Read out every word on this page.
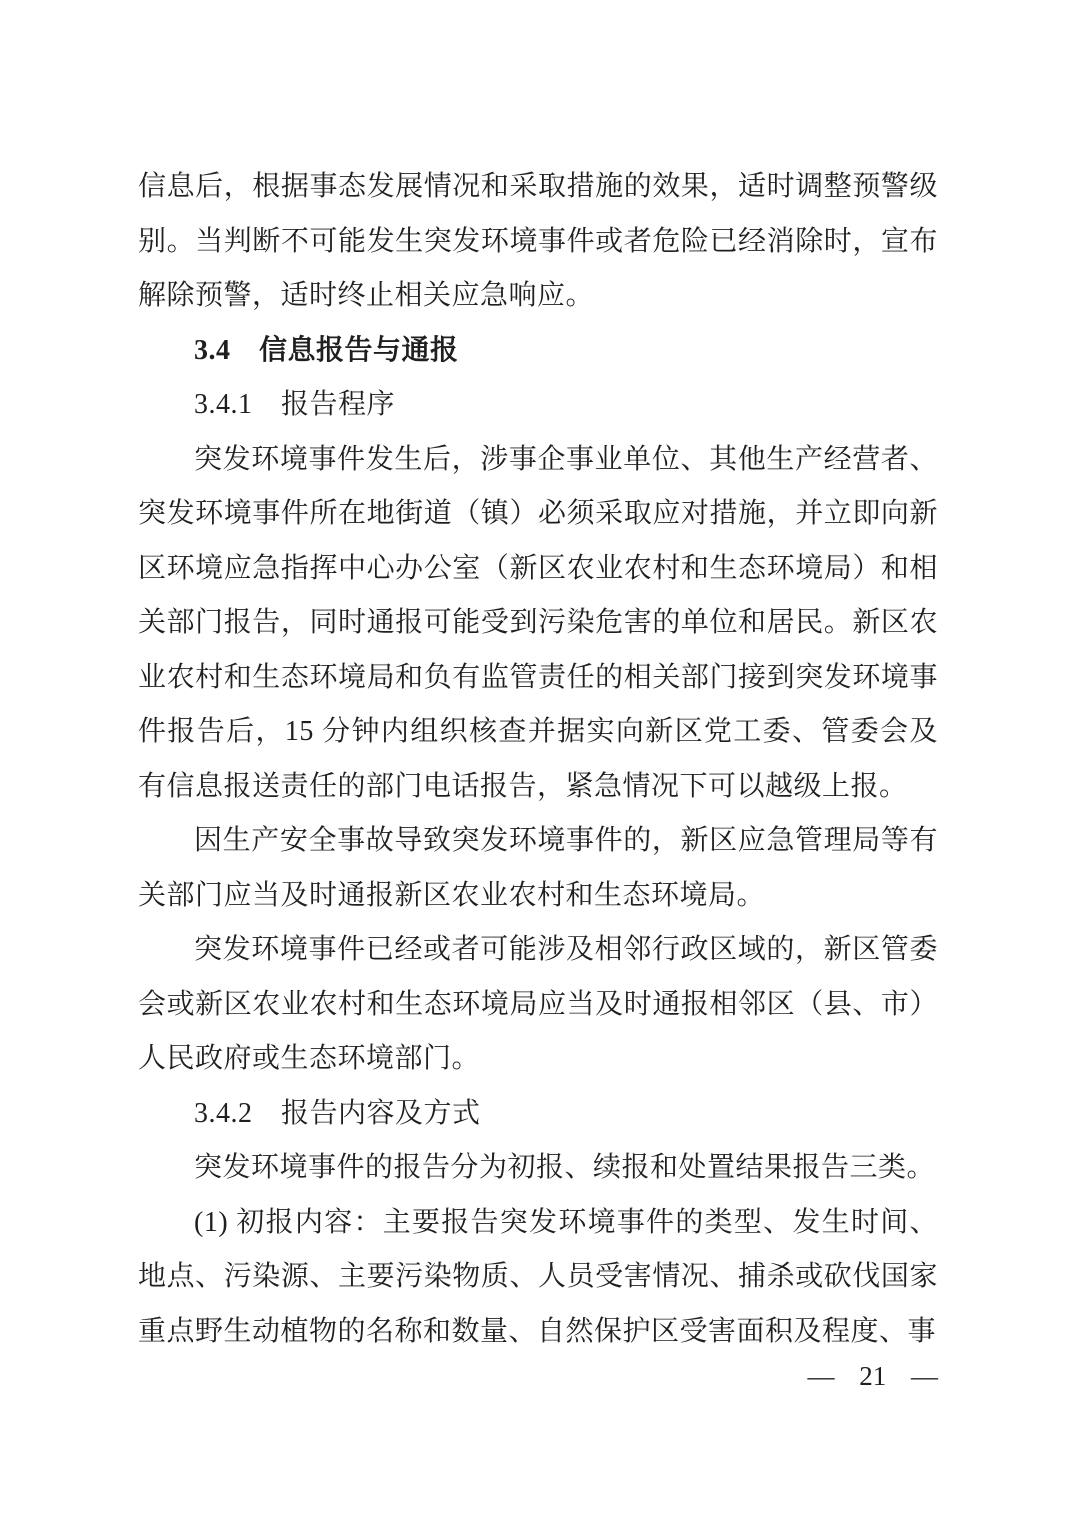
信息后，根据事态发展情况和采取措施的效果，适时调整预警级别。当判断不可能发生突发环境事件或者危险已经消除时，宣布解除预警，适时终止相关应急响应。

3.4　信息报告与通报

3.4.1　报告程序

突发环境事件发生后，涉事企事业单位、其他生产经营者、突发环境事件所在地街道（镇）必须采取应对措施，并立即向新区环境应急指挥中心办公室（新区农业农村和生态环境局）和相关部门报告，同时通报可能受到污染危害的单位和居民。新区农业农村和生态环境局和负有监管责任的相关部门接到突发环境事件报告后，15 分钟内组织核查并据实向新区党工委、管委会及有信息报送责任的部门电话报告，紧急情况下可以越级上报。

因生产安全事故导致突发环境事件的，新区应急管理局等有关部门应当及时通报新区农业农村和生态环境局。

突发环境事件已经或者可能涉及相邻行政区域的，新区管委会或新区农业农村和生态环境局应当及时通报相邻区（县、市）人民政府或生态环境部门。

3.4.2　报告内容及方式

突发环境事件的报告分为初报、续报和处置结果报告三类。

(1) 初报内容：主要报告突发环境事件的类型、发生时间、地点、污染源、主要污染物质、人员受害情况、捕杀或砍伐国家重点野生动植物的名称和数量、自然保护区受害面积及程度、事

— 21 —
